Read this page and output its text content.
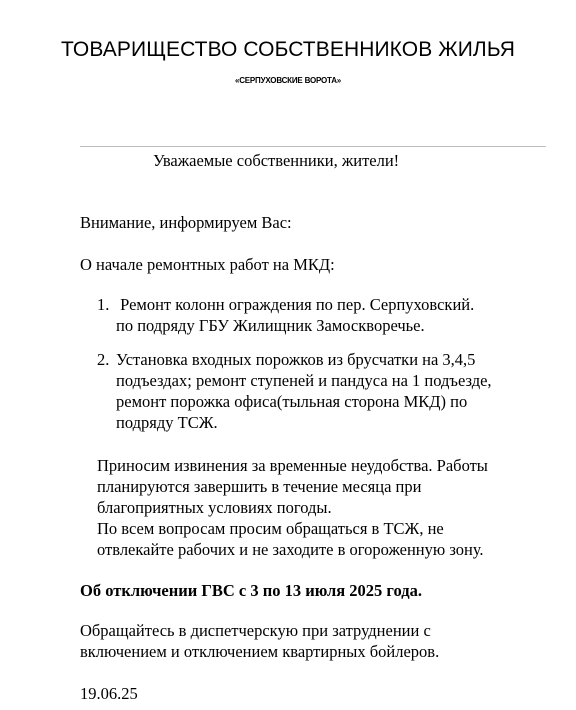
ТОВАРИЩЕСТВО СОБСТВЕННИКОВ ЖИЛЬЯ
«СЕРПУХОВСКИЕ ВОРОТА»
Уважаемые собственники, жители!
Внимание, информируем Вас:
О начале ремонтных работ на МКД:
1. Ремонт колонн ограждения по пер. Серпуховский.
по подряду ГБУ Жилищник Замоскворечье.
2. Установка входных порожков из брусчатки на 3,4,5
подъездах; ремонт ступеней и пандуса на 1 подъезде,
ремонт порожка офиса(тыльная сторона МКД) по
подряду ТСЖ.
Приносим извинения за временные неудобства. Работы
планируются завершить в течение месяца при
благоприятных условиях погоды.
По всем вопросам просим обращаться в ТСЖ, не
отвлекайте рабочих и не заходите в огороженную зону.
Об отключении ГВС с 3 по 13 июля 2025 года.
Обращайтесь в диспетчерскую при затруднении с
включением и отключением квартирных бойлеров.
19.06.25
